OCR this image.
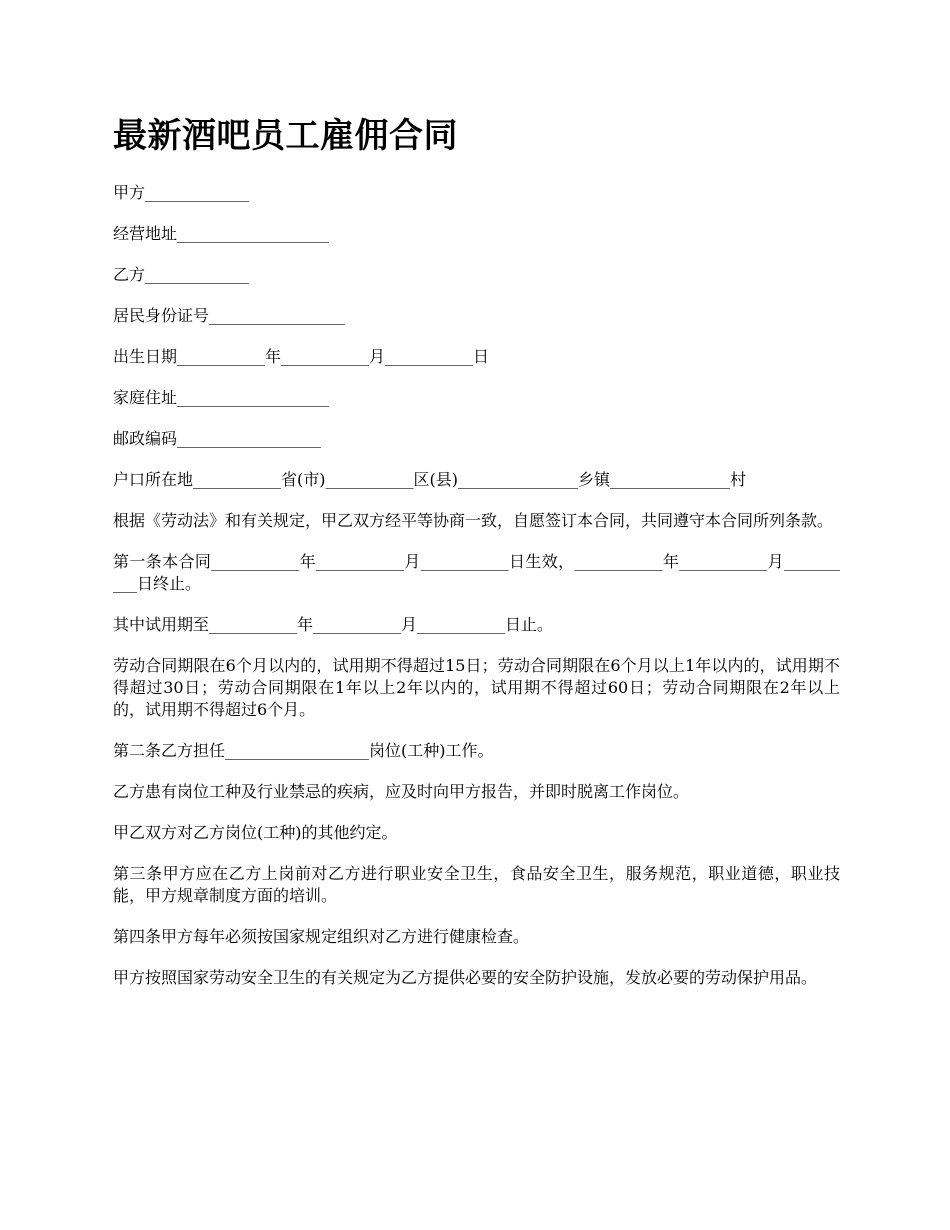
最新酒吧员工雇佣合同

甲方_____________

经营地址___________________

乙方_____________

居民身份证号_________________

出生日期___________年___________月___________日

家庭住址___________________

邮政编码__________________

户口所在地___________省(市)___________区(县)_______________乡镇_______________村

根据《劳动法》和有关规定，甲乙双方经平等协商一致，自愿签订本合同，共同遵守本合同所列条款。

第一条本合同___________年___________月___________日生效，___________年___________月__________日终止。

其中试用期至___________年___________月___________日止。

劳动合同期限在6个月以内的，试用期不得超过15日；劳动合同期限在6个月以上1年以内的，试用期不得超过30日；劳动合同期限在1年以上2年以内的，试用期不得超过60日；劳动合同期限在2年以上的，试用期不得超过6个月。

第二条乙方担任__________________岗位(工种)工作。

乙方患有岗位工种及行业禁忌的疾病，应及时向甲方报告，并即时脱离工作岗位。

甲乙双方对乙方岗位(工种)的其他约定。

第三条甲方应在乙方上岗前对乙方进行职业安全卫生，食品安全卫生，服务规范，职业道德，职业技能，甲方规章制度方面的培训。

第四条甲方每年必须按国家规定组织对乙方进行健康检查。

甲方按照国家劳动安全卫生的有关规定为乙方提供必要的安全防护设施，发放必要的劳动保护用品。
